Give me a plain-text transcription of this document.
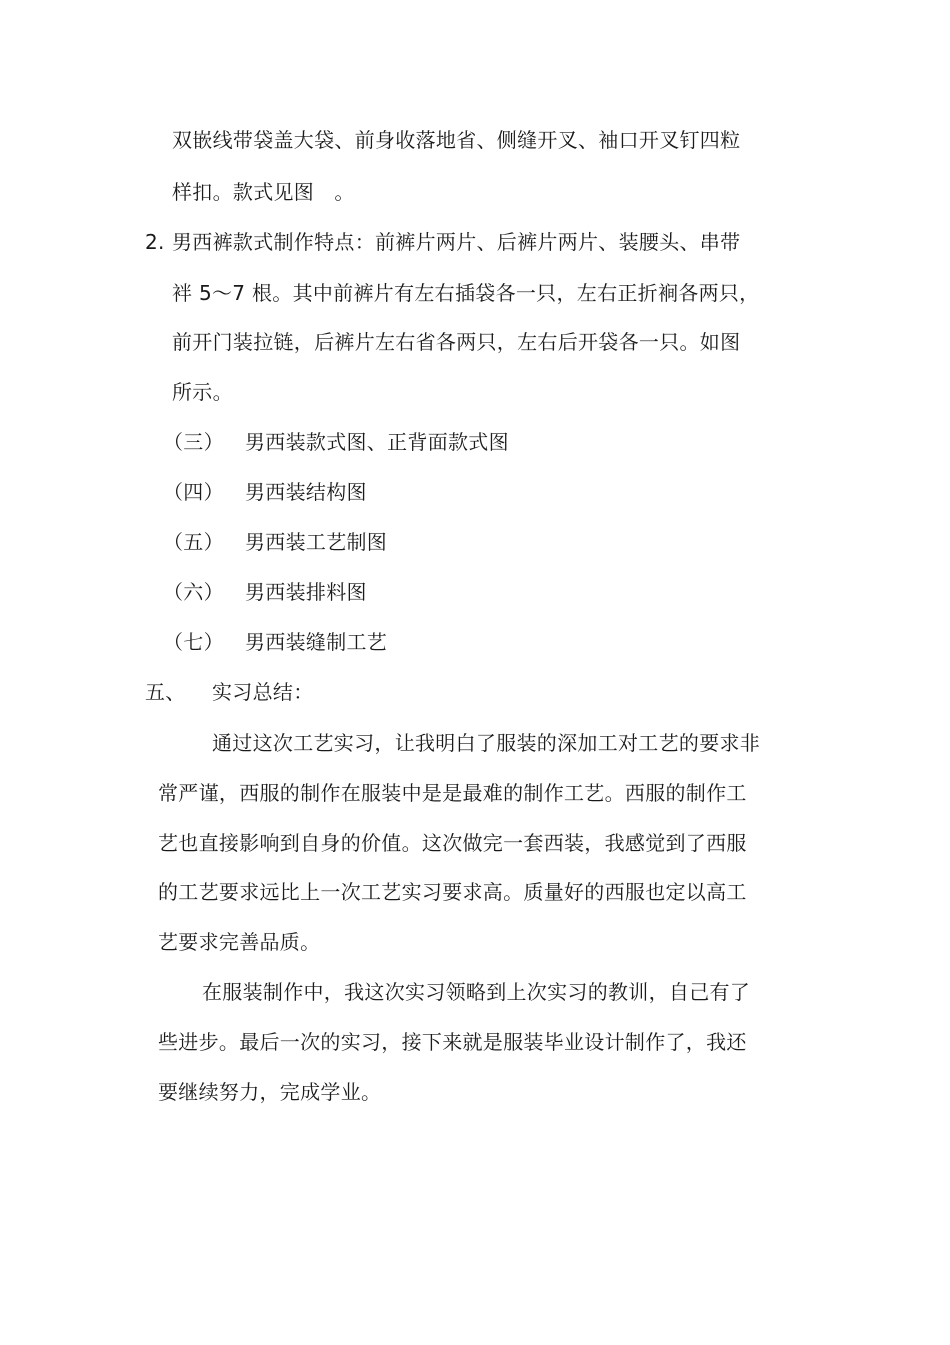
双嵌线带袋盖大袋、前身收落地省、侧缝开叉、袖口开叉钉四粒
样扣。款式见图　。
2. 男西裤款式制作特点：前裤片两片、后裤片两片、装腰头、串带
袢 5～7 根。其中前裤片有左右插袋各一只，左右正折裥各两只，
前开门装拉链，后裤片左右省各两只，左右后开袋各一只。如图
所示。
（三） 男西装款式图、正背面款式图
（四） 男西装结构图
（五） 男西装工艺制图
（六） 男西装排料图
（七） 男西装缝制工艺
五、 实习总结：
通过这次工艺实习，让我明白了服装的深加工对工艺的要求非
常严谨，西服的制作在服装中是是最难的制作工艺。西服的制作工
艺也直接影响到自身的价值。这次做完一套西装，我感觉到了西服
的工艺要求远比上一次工艺实习要求高。质量好的西服也定以高工
艺要求完善品质。
在服装制作中，我这次实习领略到上次实习的教训，自己有了
些进步。最后一次的实习，接下来就是服装毕业设计制作了，我还
要继续努力，完成学业。
